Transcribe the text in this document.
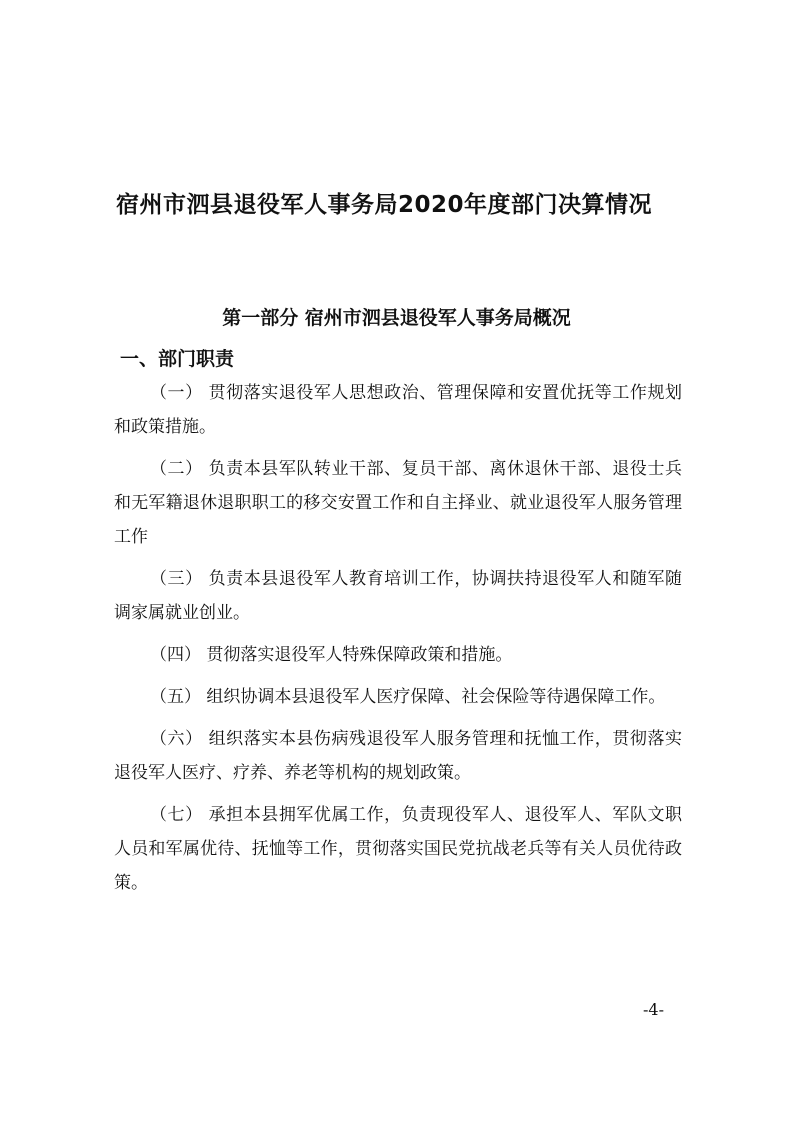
宿州市泗县退役军人事务局2020年度部门决算情况
第一部分 宿州市泗县退役军人事务局概况
一、部门职责

（一） 贯彻落实退役军人思想政治、管理保障和安置优抚等工作规划和政策措施。

（二） 负责本县军队转业干部、复员干部、离休退休干部、退役士兵和无军籍退休退职职工的移交安置工作和自主择业、就业退役军人服务管理工作

（三） 负责本县退役军人教育培训工作，协调扶持退役军人和随军随调家属就业创业。

（四） 贯彻落实退役军人特殊保障政策和措施。

（五） 组织协调本县退役军人医疗保障、社会保险等待遇保障工作。

（六） 组织落实本县伤病残退役军人服务管理和抚恤工作，贯彻落实退役军人医疗、疗养、养老等机构的规划政策。

（七） 承担本县拥军优属工作，负责现役军人、退役军人、军队文职人员和军属优待、抚恤等工作，贯彻落实国民党抗战老兵等有关人员优待政策。

-4-
